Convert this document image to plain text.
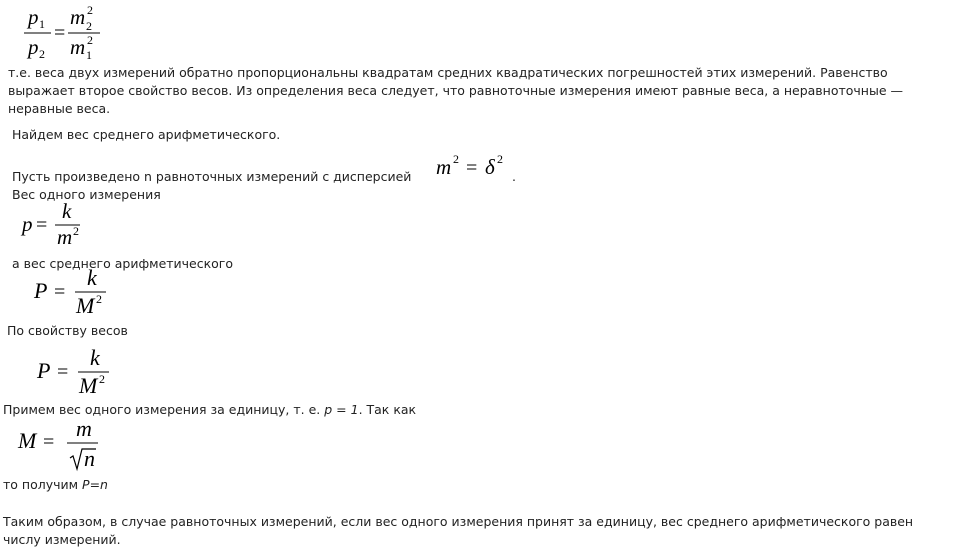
p 1
p 2
=
m 2
2
m 1
2
т.е. веса двух измерений обратно пропорциональны квадратам средних квадратических погрешностей этих измерений. Равенство выражает второе свойство весов. Из определения веса следует, что равноточные измерения имеют равные веса, а неравноточные — неравные веса.
Найдем вес среднего арифметического.
Пусть произведено n равноточных измерений с дисперсией m 2 = δ 2
.
Вес одного измерения
p =
k
m 2
а вес среднего арифметического
P =
k
M 2
По свойству весов
P =
k
M 2
Примем вес одного измерения за единицу, т. е. p = 1. Так как
M =
m
n
то получим P=n
Таким образом, в случае равноточных измерений, если вес одного измерения принят за единицу, вес среднего арифметического равен числу измерений.
